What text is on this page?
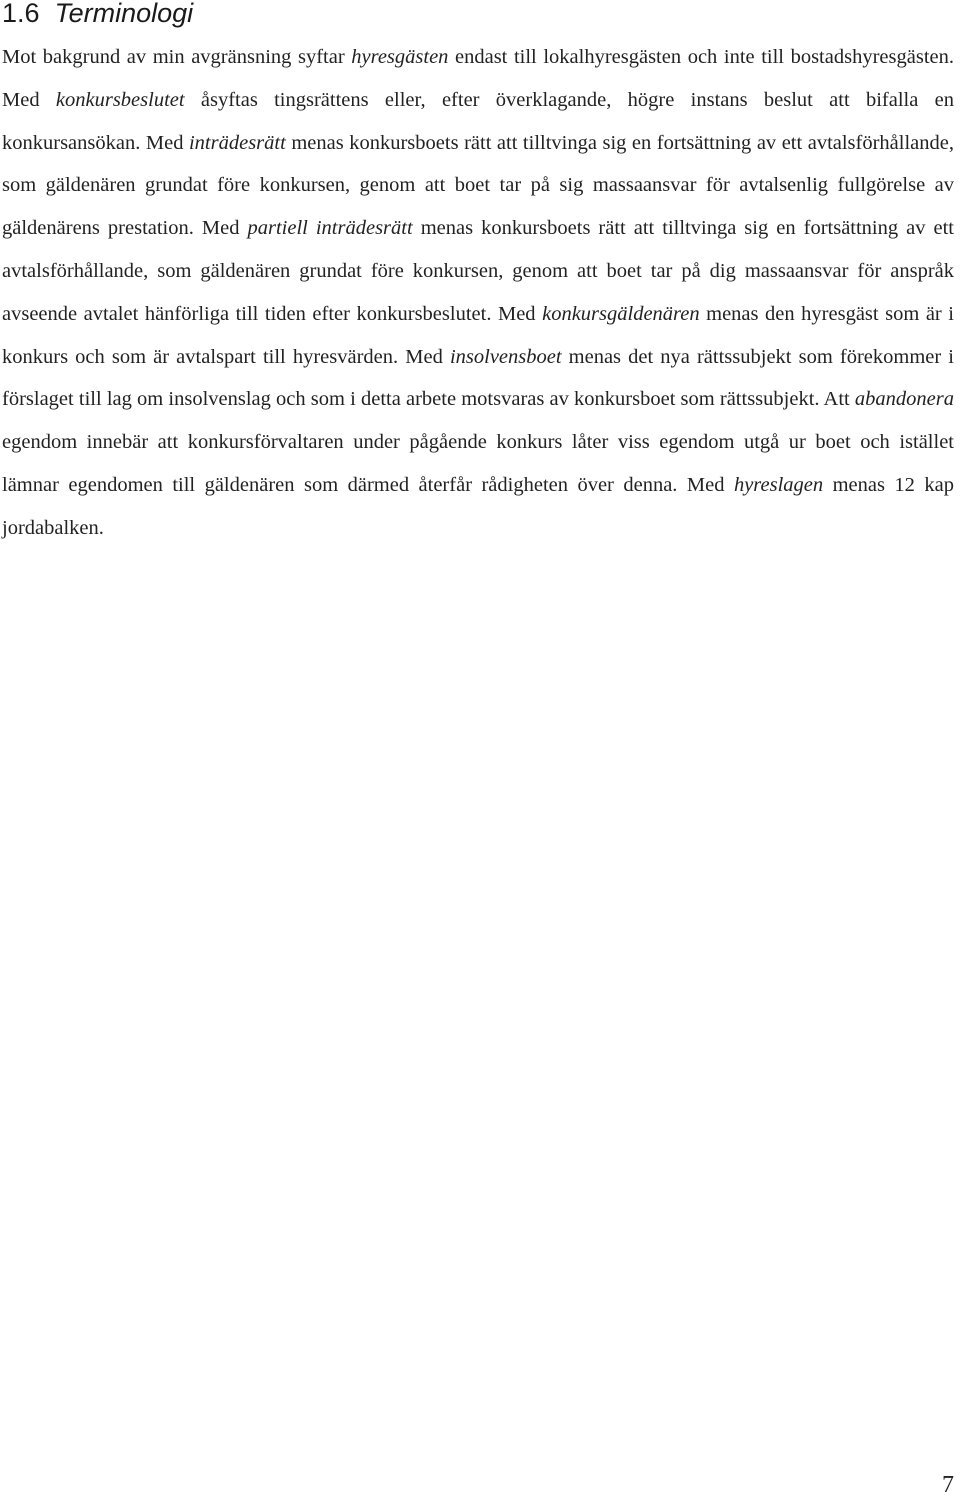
1.6 Terminologi

Mot bakgrund av min avgränsning syftar hyresgästen endast till lokalhyresgästen och inte till bostadshyresgästen. Med konkursbeslutet åsyftas tingsrättens eller, efter överklagande, högre instans beslut att bifalla en konkursansökan. Med inträdesrätt menas konkursboets rätt att tilltvinga sig en fortsättning av ett avtalsförhållande, som gäldenären grundat före konkursen, genom att boet tar på sig massaansvar för avtalsenlig fullgörelse av gäldenärens prestation. Med partiell inträdesrätt menas konkursboets rätt att tilltvinga sig en fortsättning av ett avtalsförhållande, som gäldenären grundat före konkursen, genom att boet tar på dig massaansvar för anspråk avseende avtalet hänförliga till tiden efter konkursbeslutet. Med konkursgäldenären menas den hyresgäst som är i konkurs och som är avtalspart till hyresvärden. Med insolvensboet menas det nya rättssubjekt som förekommer i förslaget till lag om insolvenslag och som i detta arbete motsvaras av konkursboet som rättssubjekt. Att abandonera egendom innebär att konkursförvaltaren under pågående konkurs låter viss egendom utgå ur boet och istället lämnar egendomen till gäldenären som därmed återfår rådigheten över denna. Med hyreslagen menas 12 kap jordabalken.

7
